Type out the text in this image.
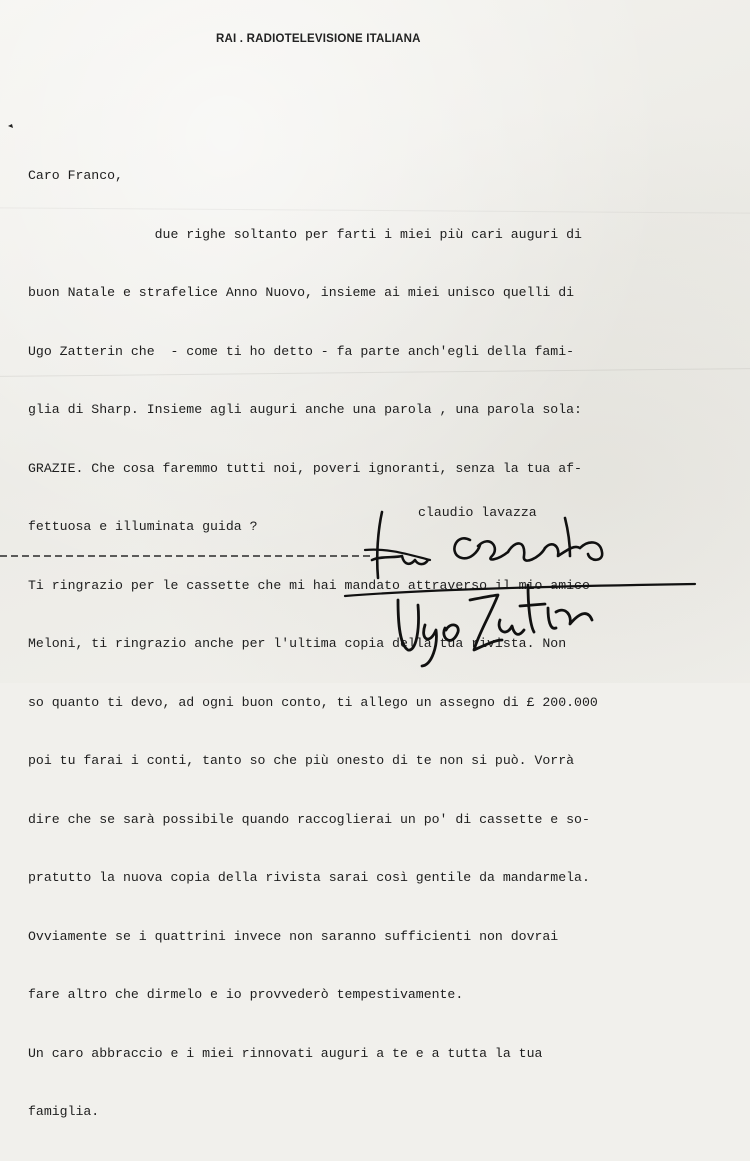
RAI . RADIOTELEVISIONE ITALIANA

Caro Franco,

due righe soltanto per farti i miei più cari auguri di

buon Natale e strafelice Anno Nuovo, insieme ai miei unisco quelli di

Ugo Zatterin che  - come ti ho detto - fa parte anch'egli della fami-

glia di Sharp. Insieme agli auguri anche una parola , una parola sola:

GRAZIE. Che cosa faremmo tutti noi, poveri ignoranti, senza la tua af-

fettuosa e illuminata guida ?

Ti ringrazio per le cassette che mi hai mandato attraverso il mio amico

Meloni, ti ringrazio anche per l'ultima copia della tua rivista. Non

so quanto ti devo, ad ogni buon conto, ti allego un assegno di £ 200.000

poi tu farai i conti, tanto so che più onesto di te non si può. Vorrà

dire che se sarà possibile quando raccoglierai un po' di cassette e so-

pratutto la nuova copia della rivista sarai così gentile da mandarmela.

Ovviamente se i quattrini invece non saranno sufficienti non dovrai

fare altro che dirmelo e io provvederò tempestivamente.

Un caro abbraccio e i miei rinnovati auguri a te e a tutta la tua

famiglia.

claudio lavazza
